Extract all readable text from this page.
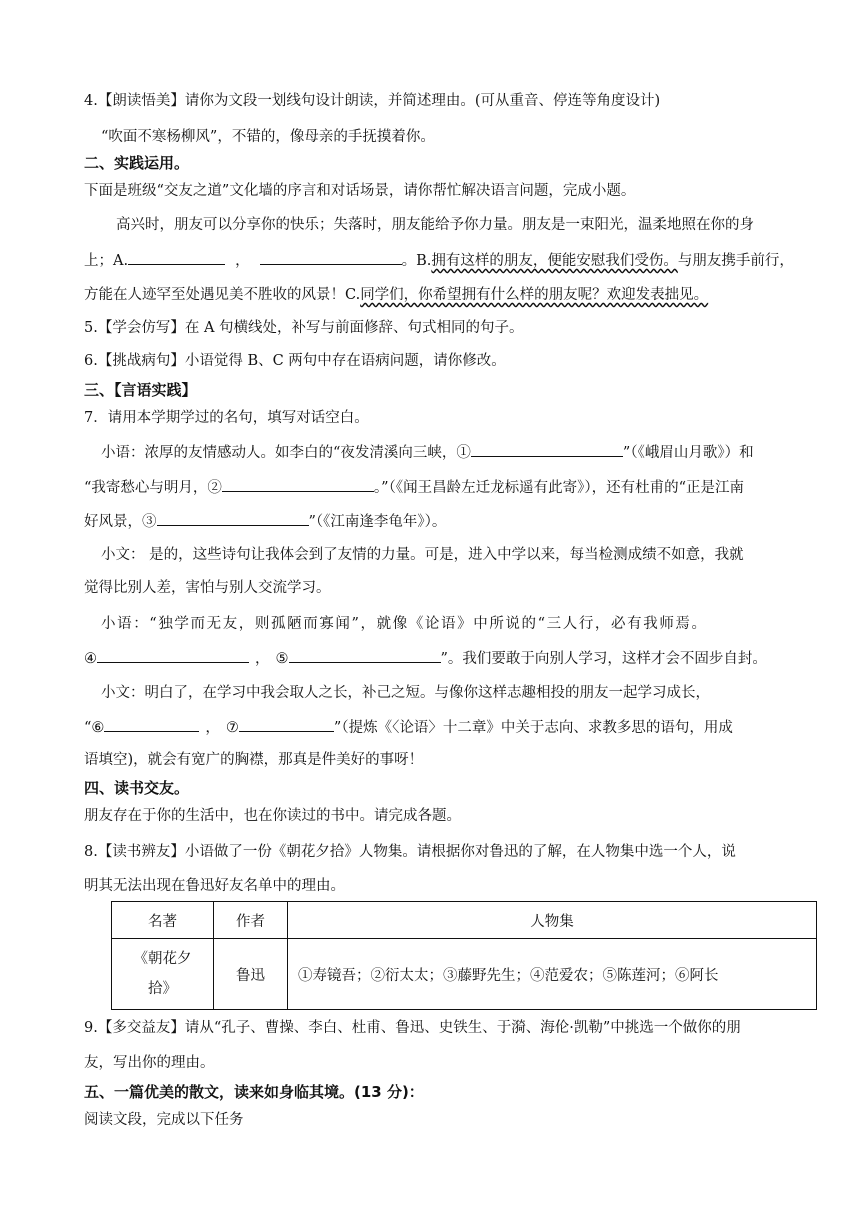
4.【朗读悟美】请你为文段一划线句设计朗读，并简述理由。(可从重音、停连等角度设计)
“吹面不寒杨柳风”，不错的，像母亲的手抚摸着你。
二、实践运用。
下面是班级“交友之道”文化墙的序言和对话场景，请你帮忙解决语言问题，完成小题。
高兴时，朋友可以分享你的快乐；失落时，朋友能给予你力量。朋友是一束阳光，温柔地照在你的身
上；A.	，	。B.拥有这样的朋友，便能安慰我们受伤。与朋友携手前行，
方能在人迹罕至处遇见美不胜收的风景！C.同学们，你希望拥有什么样的朋友呢？欢迎发表拙见。
5.【学会仿写】在 A 句横线处，补写与前面修辞、句式相同的句子。
6.【挑战病句】小语觉得 B、C 两句中存在语病问题，请你修改。
三、【言语实践】
7．请用本学期学过的名句，填写对话空白。
小语：浓厚的友情感动人。如李白的“夜发清溪向三峡，①	”（《峨眉山月歌》）和
“我寄愁心与明月，②	。”（《闻王昌龄左迁龙标遥有此寄》），还有杜甫的“正是江南
好风景，③	”（《江南逢李龟年》）。
小文： 是的，这些诗句让我体会到了友情的力量。可是，进入中学以来，每当检测成绩不如意，我就
觉得比别人差，害怕与别人交流学习。
小语：“独学而无友，则孤陋而寡闻”，就像《论语》中所说的“三人行，必有我师焉。
④	， ⑤	”。我们要敢于向别人学习，这样才会不固步自封。
小文：明白了，在学习中我会取人之长，补己之短。与像你这样志趣相投的朋友一起学习成长，
“⑥	， ⑦	”（提炼《〈论语〉十二章》中关于志向、求教多思的语句，用成
语填空)，就会有宽广的胸襟，那真是件美好的事呀！
四、读书交友。
朋友存在于你的生活中，也在你读过的书中。请完成各题。
8.【读书辨友】小语做了一份《朝花夕拾》人物集。请根据你对鲁迅的了解，在人物集中选一个人，说
明其无法出现在鲁迅好友名单中的理由。
名著	作者	人物集

《朝花夕
拾》	鲁迅	①寿镜吾；②衍太太；③藤野先生；④范爱农；⑤陈莲河；⑥阿长
9.【多交益友】请从“孔子、曹操、李白、杜甫、鲁迅、史铁生、于漪、海伦·凯勒”中挑选一个做你的朋
友，写出你的理由。
五、一篇优美的散文，读来如身临其境。(13 分)：
阅读文段，完成以下任务
